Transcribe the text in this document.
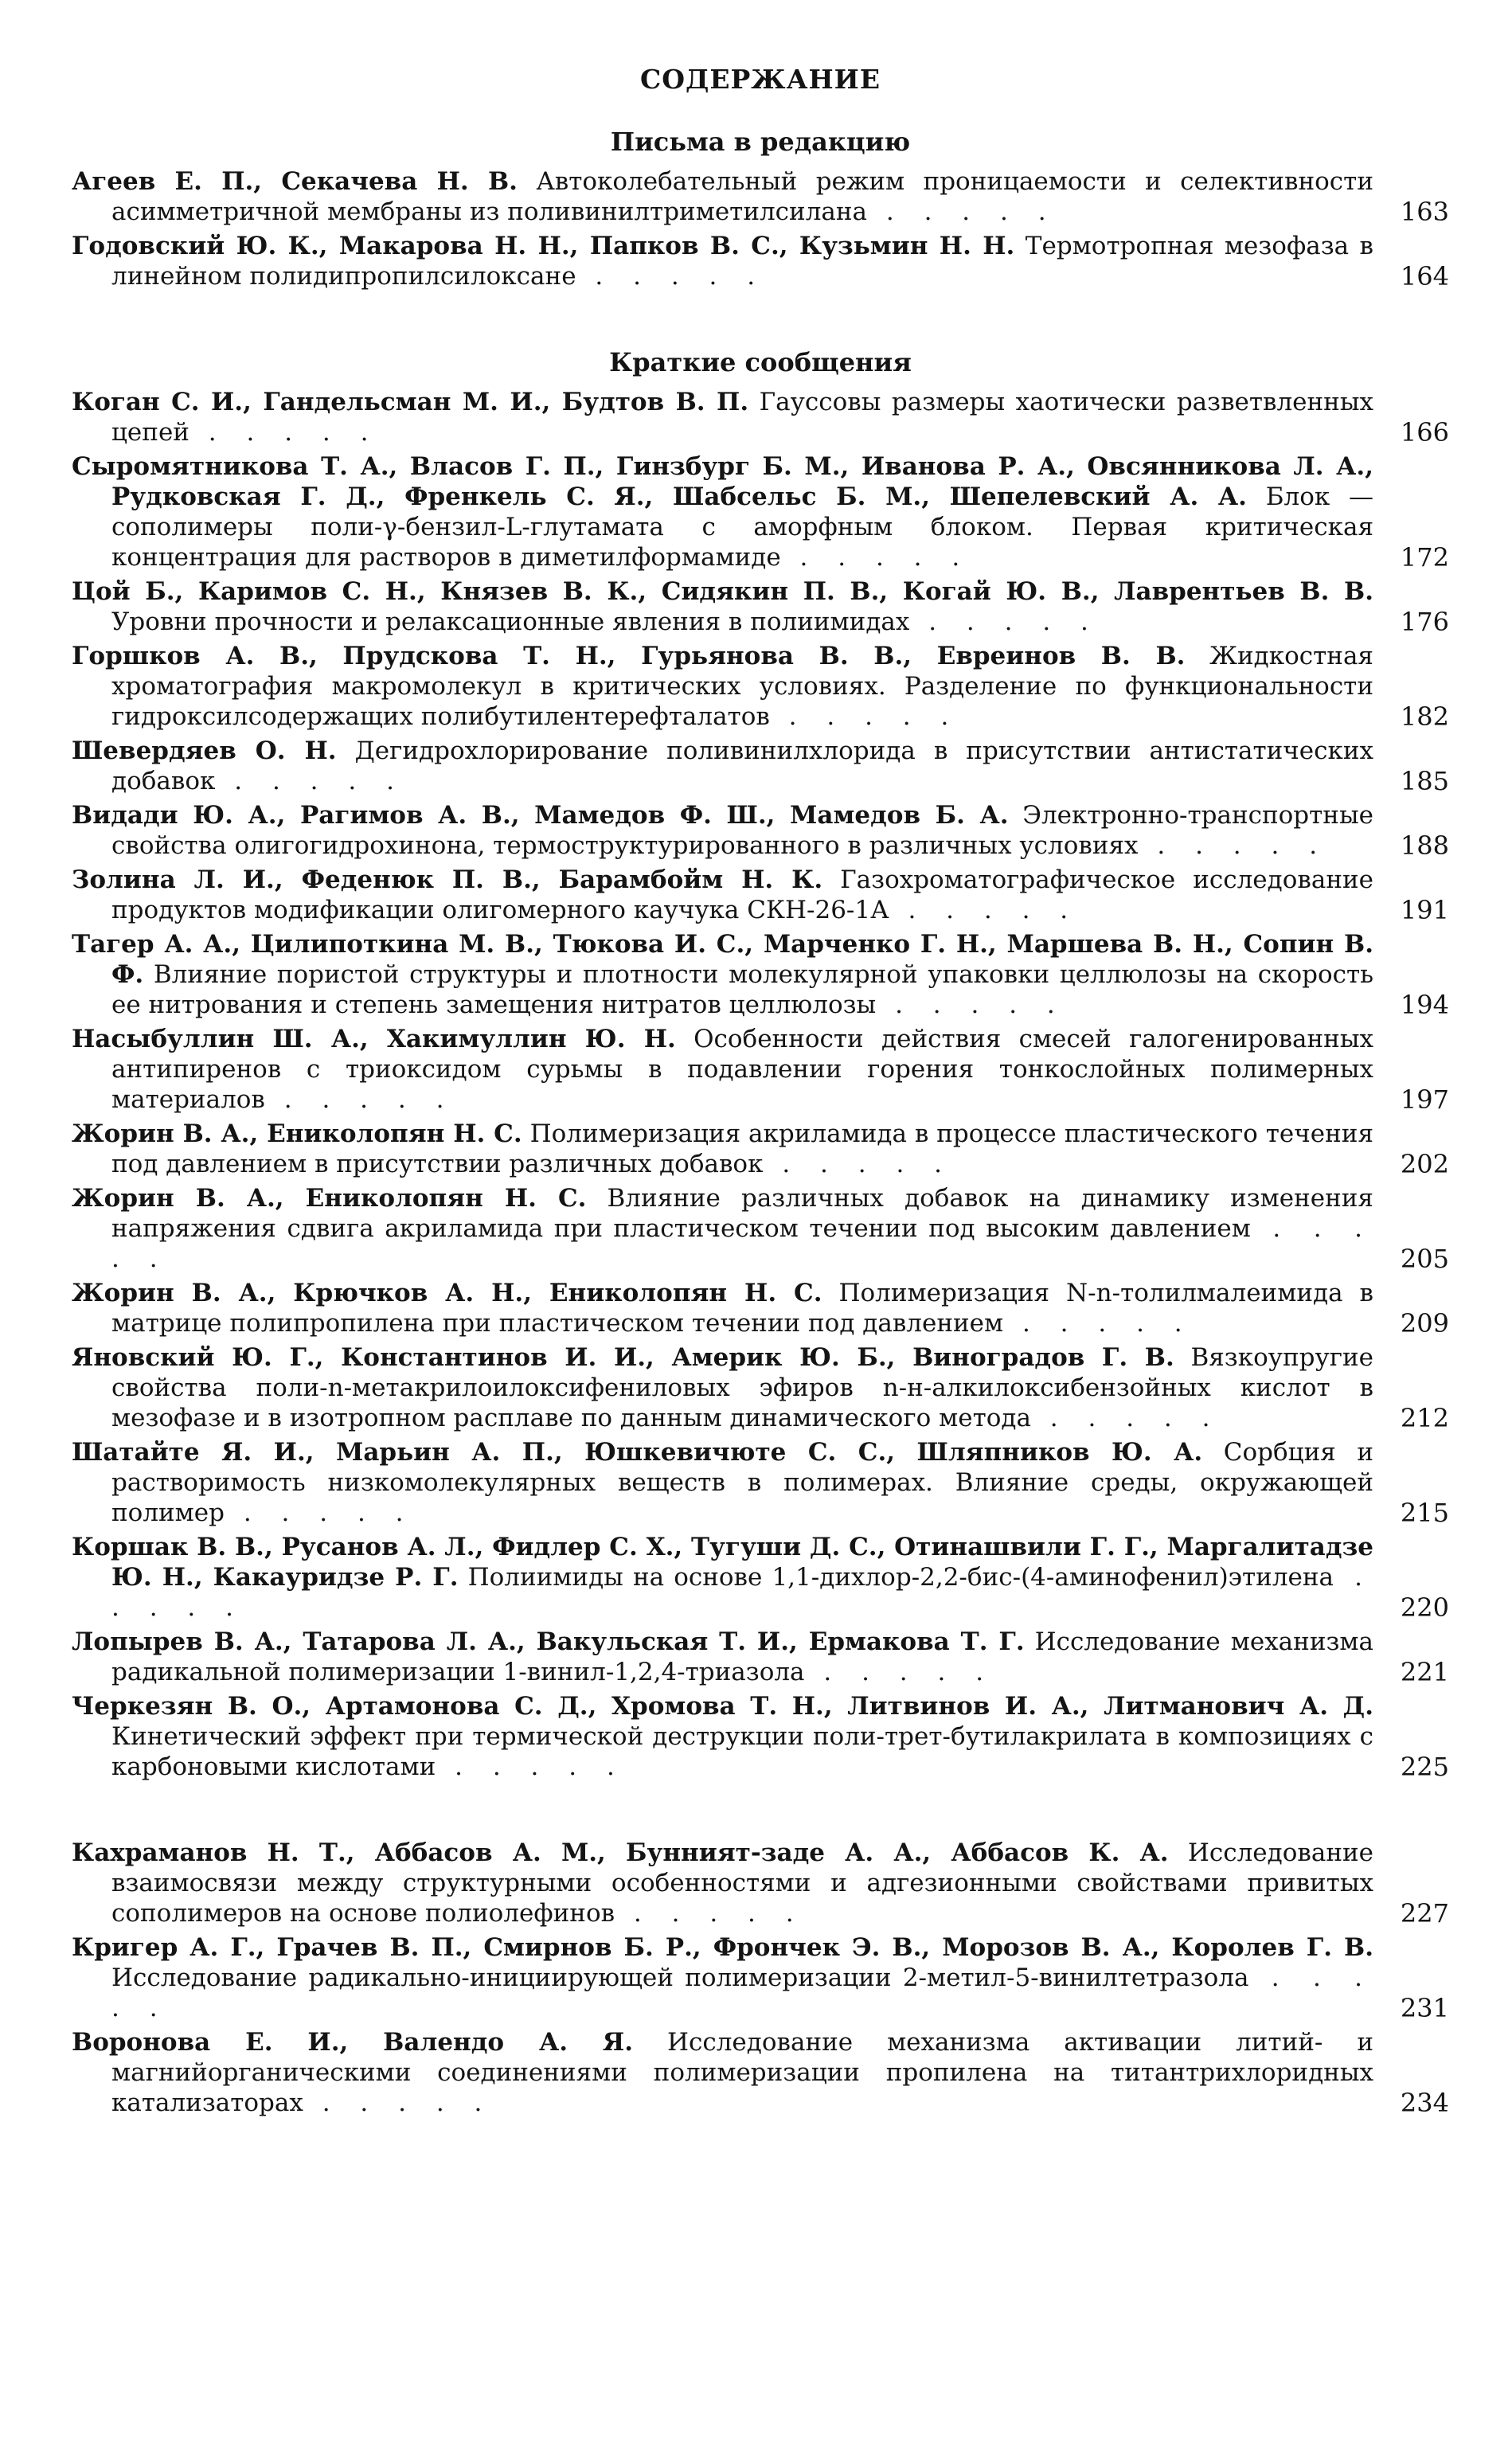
СОДЕРЖАНИЕ
Письма в редакцию
Агеев Е. П., Секачева Н. В. Автоколебательный режим проницаемости и селективности асимметричной мембраны из поливинилтриметилсилана . . . . .	163
Годовский Ю. К., Макарова Н. Н., Папков В. С., Кузьмин Н. Н. Термотропная мезофаза в линейном полидипропилсилоксане . . . . .	164
Краткие сообщения
Коган С. И., Гандельсман М. И., Будтов В. П. Гауссовы размеры хаотически разветвленных цепей . . . . .	166
Сыромятникова Т. А., Власов Г. П., Гинзбург Б. М., Иванова Р. А., Овсянникова Л. А., Рудковская Г. Д., Френкель С. Я., Шабсельс Б. М., Шепелевский А. А. Блок — сополимеры поли-γ-бензил-L-глутамата с аморфным блоком. Первая критическая концентрация для растворов в диметилформамиде . . . . .	172
Цой Б., Каримов С. Н., Князев В. К., Сидякин П. В., Когай Ю. В., Лаврентьев В. В. Уровни прочности и релаксационные явления в полиимидах . . . . .	176
Горшков А. В., Прудскова Т. Н., Гурьянова В. В., Евреинов В. В. Жидкостная хроматография макромолекул в критических условиях. Разделение по функциональности гидроксилсодержащих полибутилентерефталатов . . . . .	182
Шевердяев О. Н. Дегидрохлорирование поливинилхлорида в присутствии антистатических добавок . . . . .	185
Видади Ю. А., Рагимов А. В., Мамедов Ф. Ш., Мамедов Б. А. Электронно-транспортные свойства олигогидрохинона, термоструктурированного в различных условиях . . . . .	188
Золина Л. И., Феденюк П. В., Барамбойм Н. К. Газохроматографическое исследование продуктов модификации олигомерного каучука СКН-26-1А . . . . .	191
Тагер А. А., Цилипоткина М. В., Тюкова И. С., Марченко Г. Н., Маршева В. Н., Сопин В. Ф. Влияние пористой структуры и плотности молекулярной упаковки целлюлозы на скорость ее нитрования и степень замещения нитратов целлюлозы . . . . .	194
Насыбуллин Ш. А., Хакимуллин Ю. Н. Особенности действия смесей галогенированных антипиренов с триоксидом сурьмы в подавлении горения тонкослойных полимерных материалов . . . . .	197
Жорин В. А., Ениколопян Н. С. Полимеризация акриламида в процессе пластического течения под давлением в присутствии различных добавок . . . . .	202
Жорин В. А., Ениколопян Н. С. Влияние различных добавок на динамику изменения напряжения сдвига акриламида при пластическом течении под высоким давлением . . . . .	205
Жорин В. А., Крючков А. Н., Ениколопян Н. С. Полимеризация N-n-толилмалеимида в матрице полипропилена при пластическом течении под давлением . . . . .	209
Яновский Ю. Г., Константинов И. И., Америк Ю. Б., Виноградов Г. В. Вязкоупругие свойства поли-n-метакрилоилоксифениловых эфиров n-н-алкилоксибензойных кислот в мезофазе и в изотропном расплаве по данным динамического метода . . . . .	212
Шатайте Я. И., Марьин А. П., Юшкевичюте С. С., Шляпников Ю. А. Сорбция и растворимость низкомолекулярных веществ в полимерах. Влияние среды, окружающей полимер . . . . .	215
Коршак В. В., Русанов А. Л., Фидлер С. Х., Тугуши Д. С., Отинашвили Г. Г., Маргалитадзе Ю. Н., Какауридзе Р. Г. Полиимиды на основе 1,1-дихлор-2,2-бис-(4-аминофенил)этилена . . . . .	220
Лопырев В. А., Татарова Л. А., Вакульская Т. И., Ермакова Т. Г. Исследование механизма радикальной полимеризации 1-винил-1,2,4-триазола . . . . .	221
Черкезян В. О., Артамонова С. Д., Хромова Т. Н., Литвинов И. А., Литманович А. Д. Кинетический эффект при термической деструкции поли-трет-бутилакрилата в композициях с карбоновыми кислотами . . . . .	225
Кахраманов Н. Т., Аббасов А. М., Бунният-заде А. А., Аббасов К. А. Исследование взаимосвязи между структурными особенностями и адгезионными свойствами привитых сополимеров на основе полиолефинов . . . . .	227
Кригер А. Г., Грачев В. П., Смирнов Б. Р., Фрончек Э. В., Морозов В. А., Королев Г. В. Исследование радикально-инициирующей полимеризации 2-метил-5-винилтетразола . . . . .	231
Воронова Е. И., Валендо А. Я. Исследование механизма активации литий- и магнийорганическими соединениями полимеризации пропилена на титантрихлоридных катализаторах . . . . .	234
